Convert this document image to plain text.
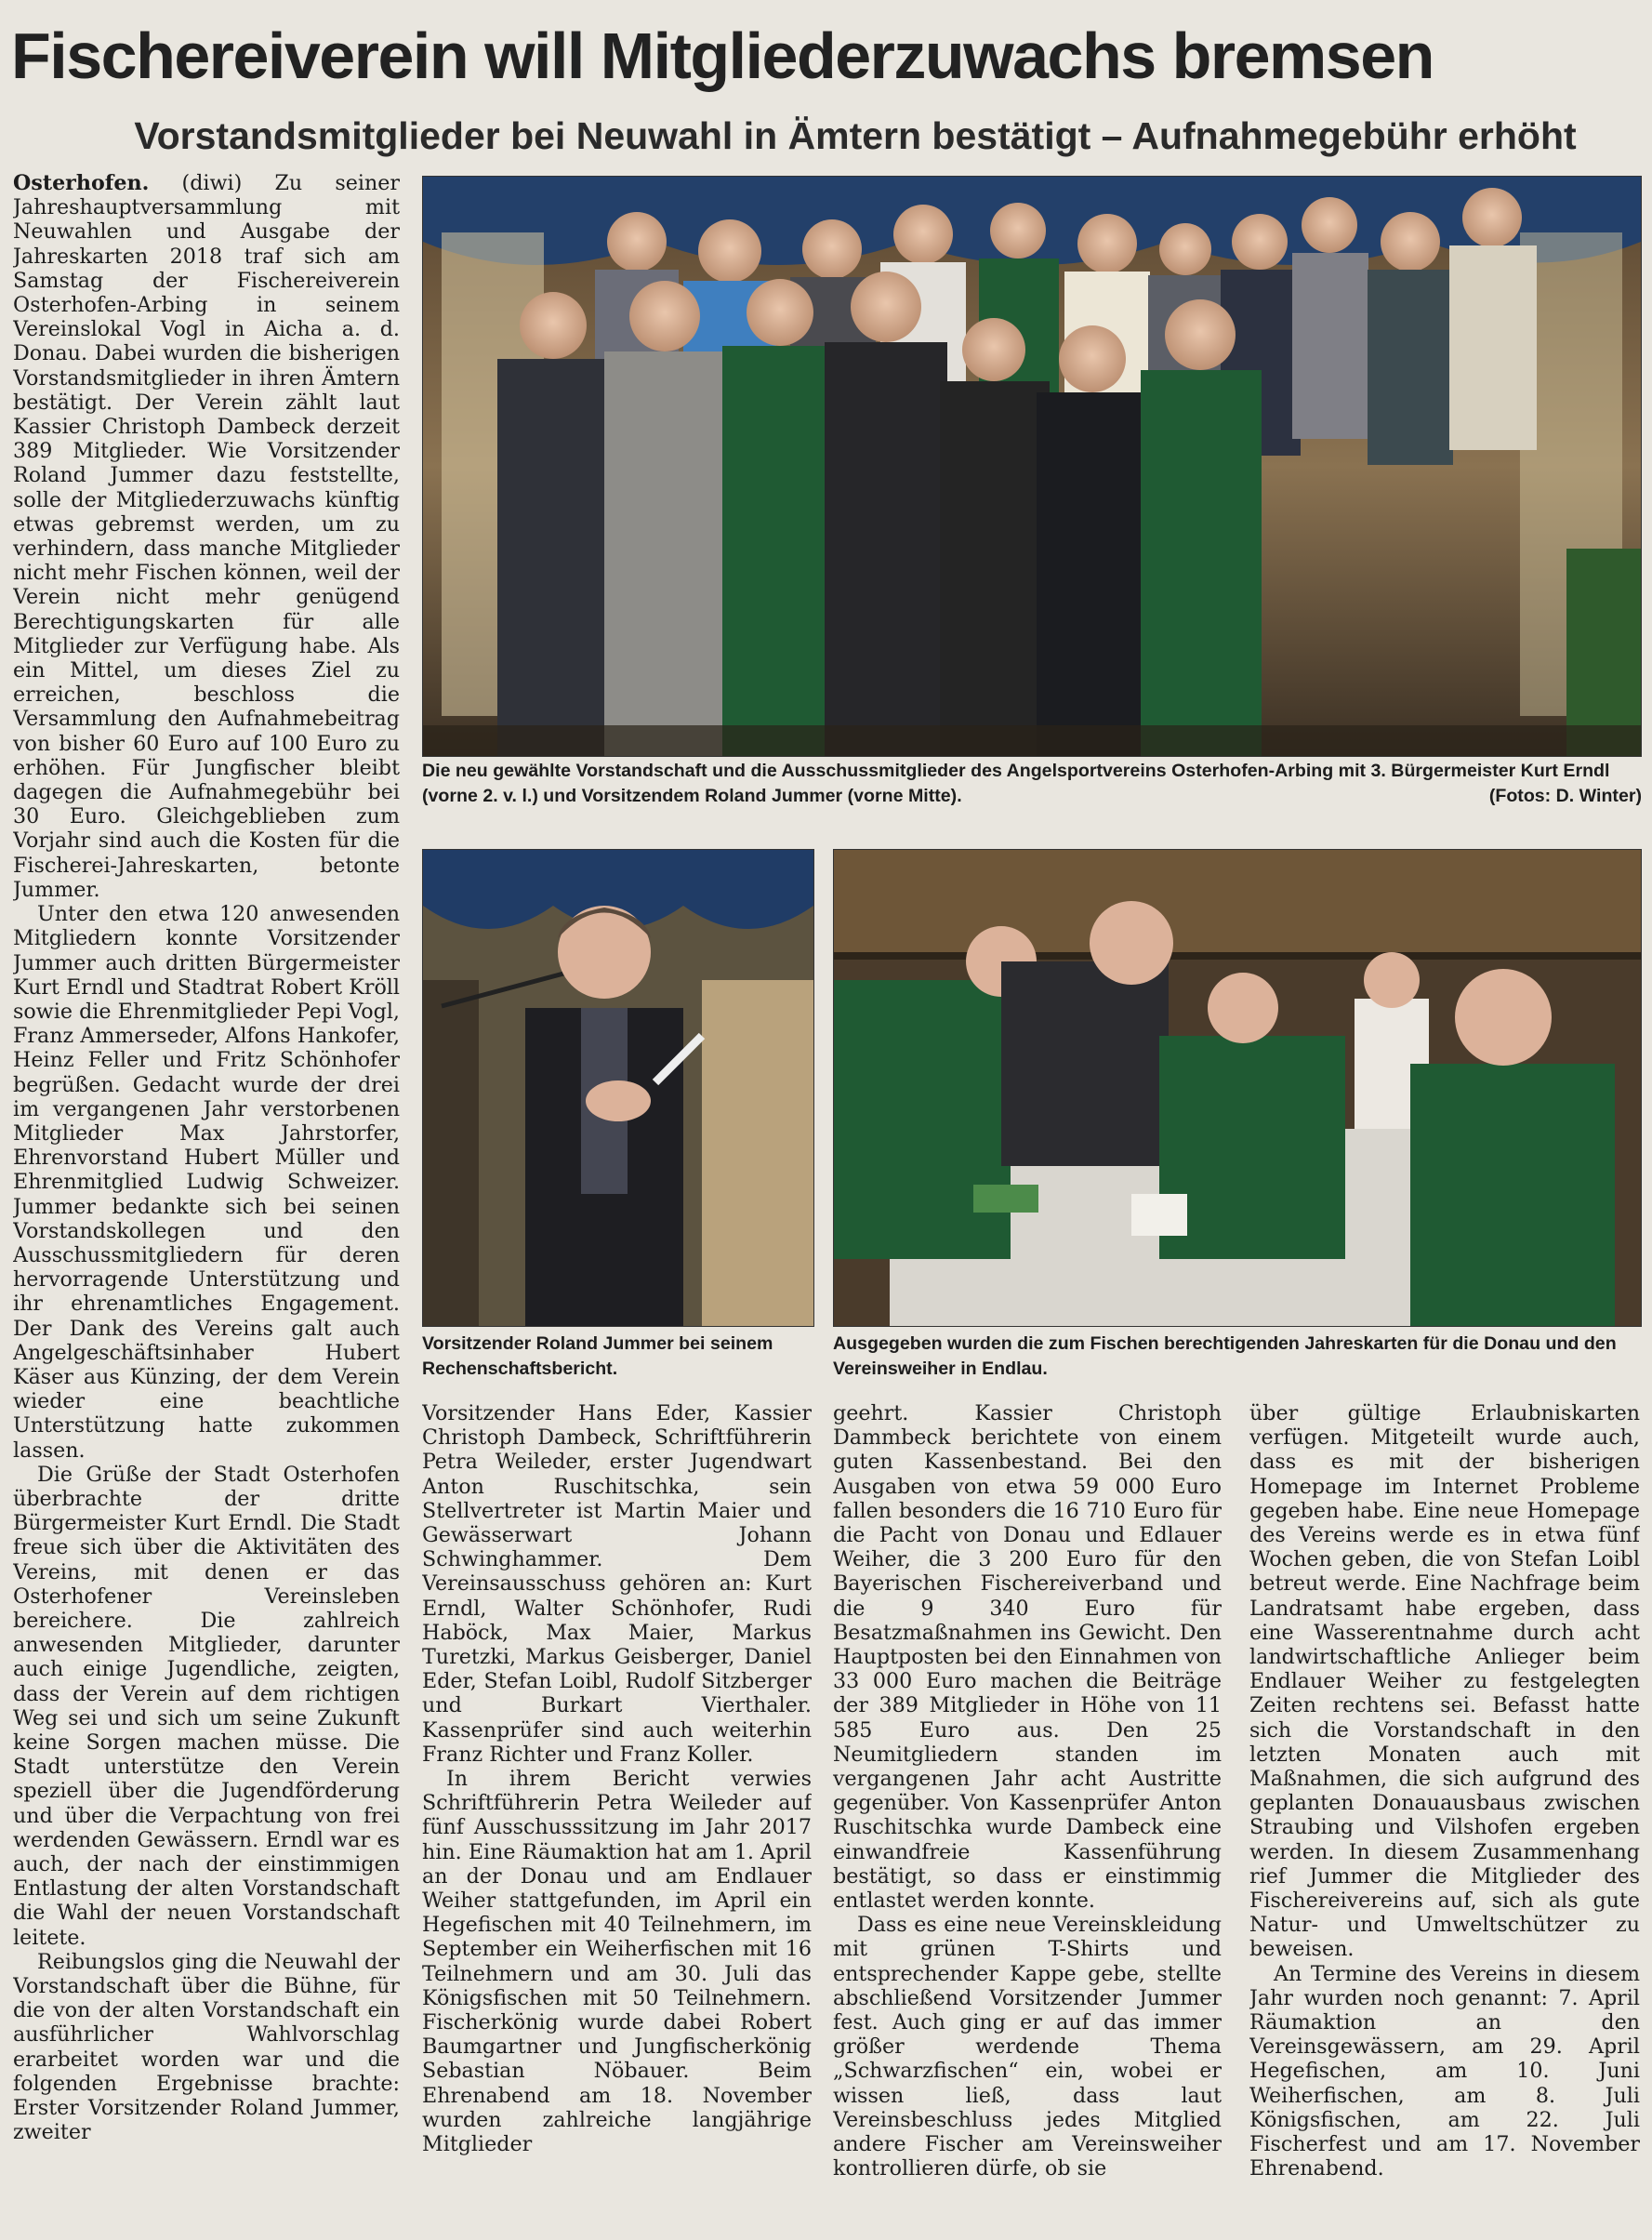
Fischereiverein will Mitgliederzuwachs bremsen
Vorstandsmitglieder bei Neuwahl in Ämtern bestätigt – Aufnahmegebühr erhöht

Osterhofen. (diwi) Zu seiner Jahreshauptversammlung mit Neuwahlen und Ausgabe der Jahreskarten 2018 traf sich am Samstag der Fischereiverein Osterhofen-Arbing in seinem Vereinslokal Vogl in Aicha a. d. Donau. Dabei wurden die bisherigen Vorstandsmitglieder in ihren Ämtern bestätigt. Der Verein zählt laut Kassier Christoph Dambeck derzeit 389 Mitglieder. Wie Vorsitzender Roland Jummer dazu feststellte, solle der Mitgliederzuwachs künftig etwas gebremst werden, um zu verhindern, dass manche Mitglieder nicht mehr Fischen können, weil der Verein nicht mehr genügend Berechtigungskarten für alle Mitglieder zur Verfügung habe. Als ein Mittel, um dieses Ziel zu erreichen, beschloss die Versammlung den Aufnahmebeitrag von bisher 60 Euro auf 100 Euro zu erhöhen. Für Jungfischer bleibt dagegen die Aufnahmegebühr bei 30 Euro. Gleichgeblieben zum Vorjahr sind auch die Kosten für die Fischerei-Jahreskarten, betonte Jummer.

Unter den etwa 120 anwesenden Mitgliedern konnte Vorsitzender Jummer auch dritten Bürgermeister Kurt Erndl und Stadtrat Robert Kröll sowie die Ehrenmitglieder Pepi Vogl, Franz Ammerseder, Alfons Hankofer, Heinz Feller und Fritz Schönhofer begrüßen. Gedacht wurde der drei im vergangenen Jahr verstorbenen Mitglieder Max Jahrstorfer, Ehrenvorstand Hubert Müller und Ehrenmitglied Ludwig Schweizer. Jummer bedankte sich bei seinen Vorstandskollegen und den Ausschussmitgliedern für deren hervorragende Unterstützung und ihr ehrenamtliches Engagement. Der Dank des Vereins galt auch Angelgeschäftsinhaber Hubert Käser aus Künzing, der dem Verein wieder eine beachtliche Unterstützung hatte zukommen lassen.

Die Grüße der Stadt Osterhofen überbrachte der dritte Bürgermeister Kurt Erndl. Die Stadt freue sich über die Aktivitäten des Vereins, mit denen er das Osterhofener Vereinsleben bereichere. Die zahlreich anwesenden Mitglieder, darunter auch einige Jugendliche, zeigten, dass der Verein auf dem richtigen Weg sei und sich um seine Zukunft keine Sorgen machen müsse. Die Stadt unterstütze den Verein speziell über die Jugendförderung und über die Verpachtung von frei werdenden Gewässern. Erndl war es auch, der nach der einstimmigen Entlastung der alten Vorstandschaft die Wahl der neuen Vorstandschaft leitete.

Reibungslos ging die Neuwahl der Vorstandschaft über die Bühne, für die von der alten Vorstandschaft ein ausführlicher Wahlvorschlag erarbeitet worden war und die folgenden Ergebnisse brachte: Erster Vorsitzender Roland Jummer, zweiter

Die neu gewählte Vorstandschaft und die Ausschussmitglieder des Angelsportvereins Osterhofen-Arbing mit 3. Bürgermeister Kurt Erndl (vorne 2. v. l.) und Vorsitzendem Roland Jummer (vorne Mitte).	(Fotos: D. Winter)
Vorsitzender Roland Jummer bei seinem Rechenschaftsbericht.
Ausgegeben wurden die zum Fischen berechtigenden Jahreskarten für die Donau und den Vereinsweiher in Endlau.

Vorsitzender Hans Eder, Kassier Christoph Dambeck, Schriftführerin Petra Weileder, erster Jugendwart Anton Ruschitschka, sein Stellvertreter ist Martin Maier und Gewässerwart Johann Schwinghammer. Dem Vereinsausschuss gehören an: Kurt Erndl, Walter Schönhofer, Rudi Haböck, Max Maier, Markus Turetzki, Markus Geisberger, Daniel Eder, Stefan Loibl, Rudolf Sitzberger und Burkart Vierthaler. Kassenprüfer sind auch weiterhin Franz Richter und Franz Koller.

In ihrem Bericht verwies Schriftführerin Petra Weileder auf fünf Ausschusssitzung im Jahr 2017 hin. Eine Räumaktion hat am 1. April an der Donau und am Endlauer Weiher stattgefunden, im April ein Hegefischen mit 40 Teilnehmern, im September ein Weiherfischen mit 16 Teilnehmern und am 30. Juli das Königsfischen mit 50 Teilnehmern. Fischerkönig wurde dabei Robert Baumgartner und Jungfischerkönig Sebastian Nöbauer. Beim Ehrenabend am 18. November wurden zahlreiche langjährige Mitglieder

geehrt. Kassier Christoph Dammbeck berichtete von einem guten Kassenbestand. Bei den Ausgaben von etwa 59 000 Euro fallen besonders die 16 710 Euro für die Pacht von Donau und Edlauer Weiher, die 3 200 Euro für den Bayerischen Fischereiverband und die 9 340 Euro für Besatzmaßnahmen ins Gewicht. Den Hauptposten bei den Einnahmen von 33 000 Euro machen die Beiträge der 389 Mitglieder in Höhe von 11 585 Euro aus. Den 25 Neumitgliedern standen im vergangenen Jahr acht Austritte gegenüber. Von Kassenprüfer Anton Ruschitschka wurde Dambeck eine einwandfreie Kassenführung bestätigt, so dass er einstimmig entlastet werden konnte.

Dass es eine neue Vereinskleidung mit grünen T-Shirts und entsprechender Kappe gebe, stellte abschließend Vorsitzender Jummer fest. Auch ging er auf das immer größer werdende Thema „Schwarzfischen“ ein, wobei er wissen ließ, dass laut Vereinsbeschluss jedes Mitglied andere Fischer am Vereinsweiher kontrollieren dürfe, ob sie

über gültige Erlaubniskarten verfügen. Mitgeteilt wurde auch, dass es mit der bisherigen Homepage im Internet Probleme gegeben habe. Eine neue Homepage des Vereins werde es in etwa fünf Wochen geben, die von Stefan Loibl betreut werde. Eine Nachfrage beim Landratsamt habe ergeben, dass eine Wasserentnahme durch acht landwirtschaftliche Anlieger beim Endlauer Weiher zu festgelegten Zeiten rechtens sei. Befasst hatte sich die Vorstandschaft in den letzten Monaten auch mit Maßnahmen, die sich aufgrund des geplanten Donauausbaus zwischen Straubing und Vilshofen ergeben werden. In diesem Zusammenhang rief Jummer die Mitglieder des Fischereivereins auf, sich als gute Natur- und Umweltschützer zu beweisen.

An Termine des Vereins in diesem Jahr wurden noch genannt: 7. April Räumaktion an den Vereinsgewässern, am 29. April Hegefischen, am 10. Juni Weiherfischen, am 8. Juli Königsfischen, am 22. Juli Fischerfest und am 17. November Ehrenabend.
